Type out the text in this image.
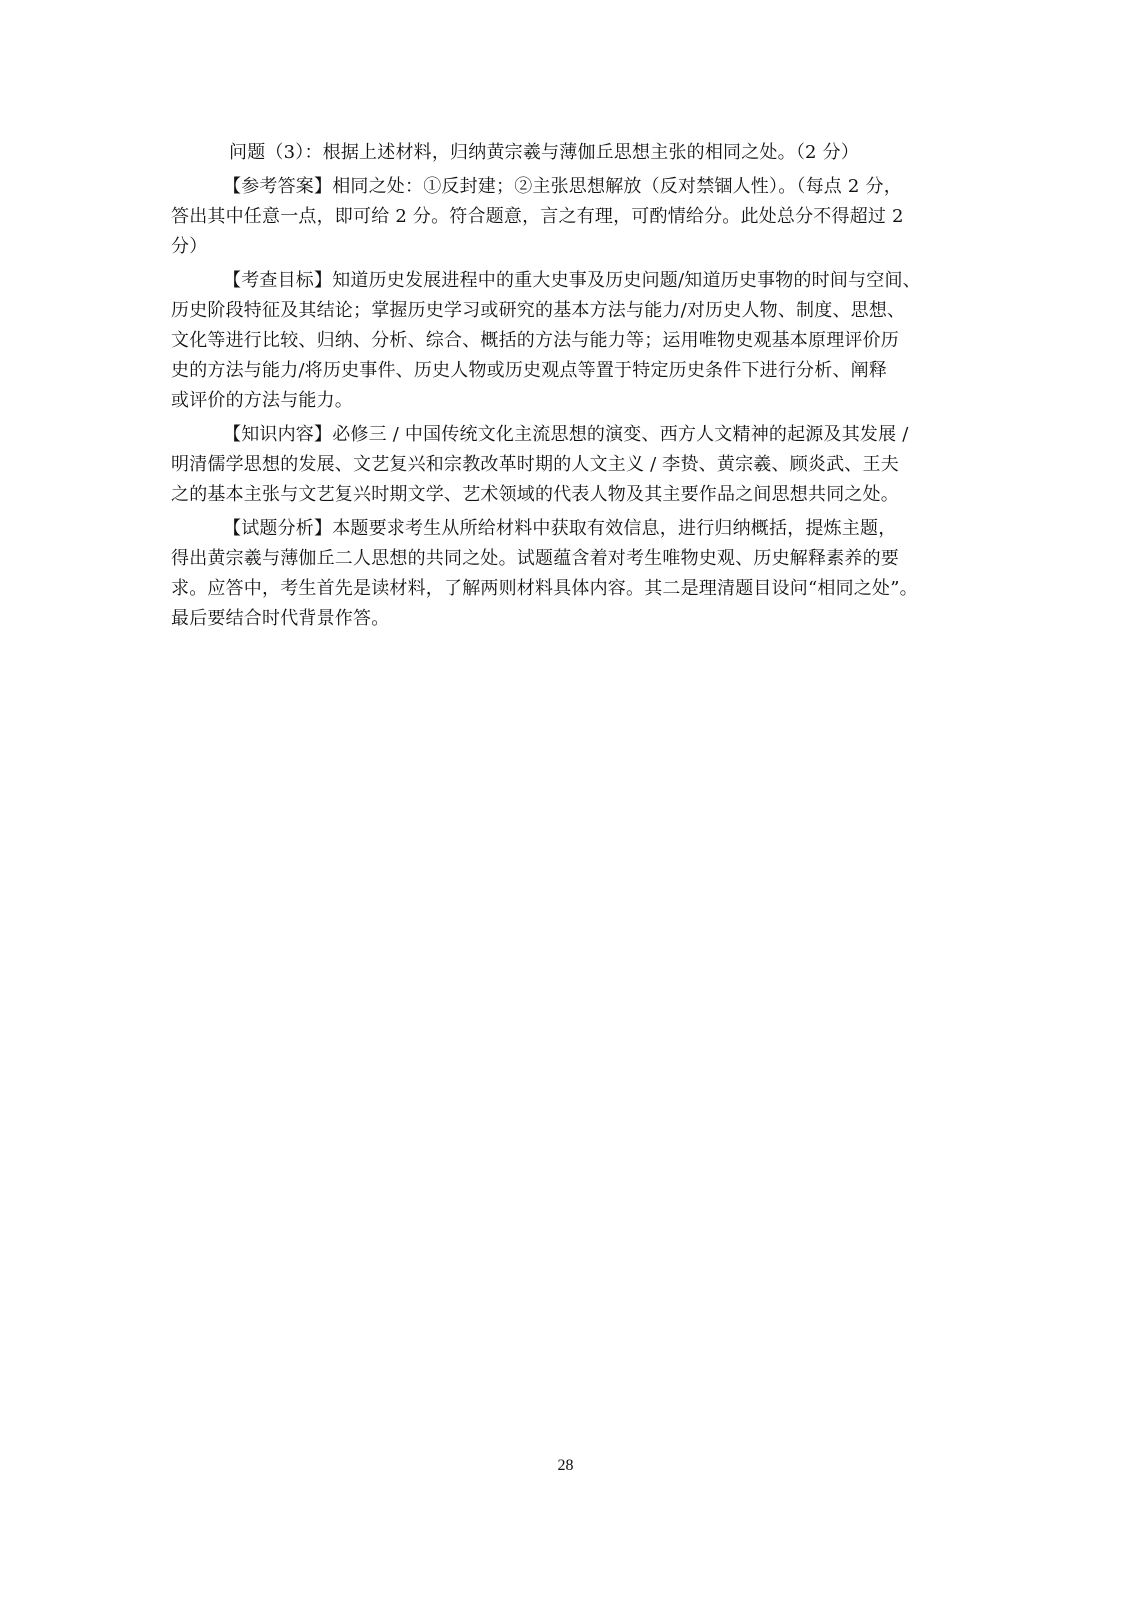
问题（3）：根据上述材料，归纳黄宗羲与薄伽丘思想主张的相同之处。（2 分）

【参考答案】相同之处：①反封建；②主张思想解放（反对禁锢人性）。（每点 2 分，
答出其中任意一点，即可给 2 分。符合题意，言之有理，可酌情给分。此处总分不得超过 2
分）

【考查目标】知道历史发展进程中的重大史事及历史问题/知道历史事物的时间与空间、
历史阶段特征及其结论；掌握历史学习或研究的基本方法与能力/对历史人物、制度、思想、
文化等进行比较、归纳、分析、综合、概括的方法与能力等；运用唯物史观基本原理评价历
史的方法与能力/将历史事件、历史人物或历史观点等置于特定历史条件下进行分析、阐释
或评价的方法与能力。

【知识内容】必修三 / 中国传统文化主流思想的演变、西方人文精神的起源及其发展 /
明清儒学思想的发展、文艺复兴和宗教改革时期的人文主义 / 李贽、黄宗羲、顾炎武、王夫
之的基本主张与文艺复兴时期文学、艺术领域的代表人物及其主要作品之间思想共同之处。

【试题分析】本题要求考生从所给材料中获取有效信息，进行归纳概括，提炼主题，
得出黄宗羲与薄伽丘二人思想的共同之处。试题蕴含着对考生唯物史观、历史解释素养的要
求。应答中，考生首先是读材料，了解两则材料具体内容。其二是理清题目设问“相同之处”。
最后要结合时代背景作答。

28
